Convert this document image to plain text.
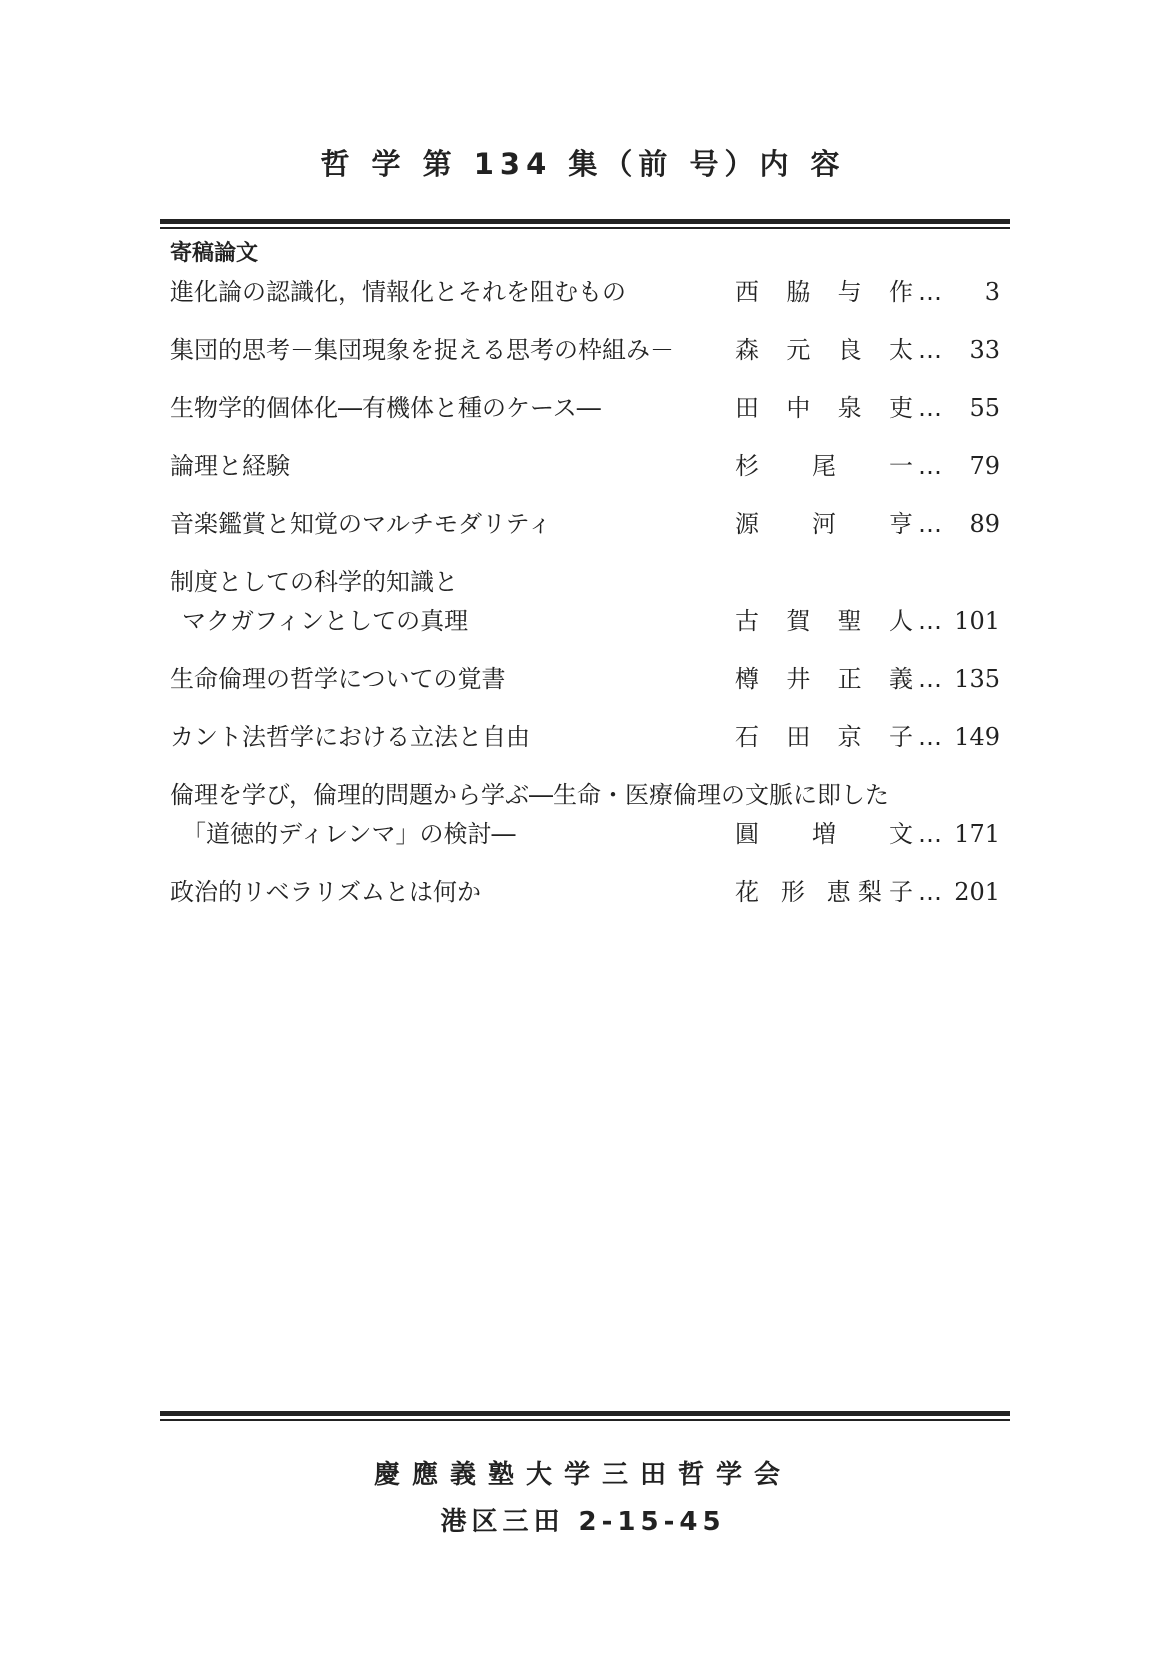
哲 学 第 134 集（前 号）内 容
寄稿論文
進化論の認識化，情報化とそれを阻むもの	西 脇 与 作 … 3
集団的思考－集団現象を捉える思考の枠組み－	森 元 良 太 … 33
生物学的個体化―有機体と種のケース―	田 中 泉 吏 … 55
論理と経験	杉 尾 一 … 79
音楽鑑賞と知覚のマルチモダリティ	源 河 亨 … 89
制度としての科学的知識と
マクガフィンとしての真理	古 賀 聖 人 … 101
生命倫理の哲学についての覚書	樽 井 正 義 … 135
カント法哲学における立法と自由	石 田 京 子 … 149
倫理を学び，倫理的問題から学ぶ―生命・医療倫理の文脈に即した
「道徳的ディレンマ」の検討―	圓 増 文 … 171
政治的リベラリズムとは何か	花 形 恵梨子 … 201
慶應義塾大学三田哲学会
港区三田 2-15-45
